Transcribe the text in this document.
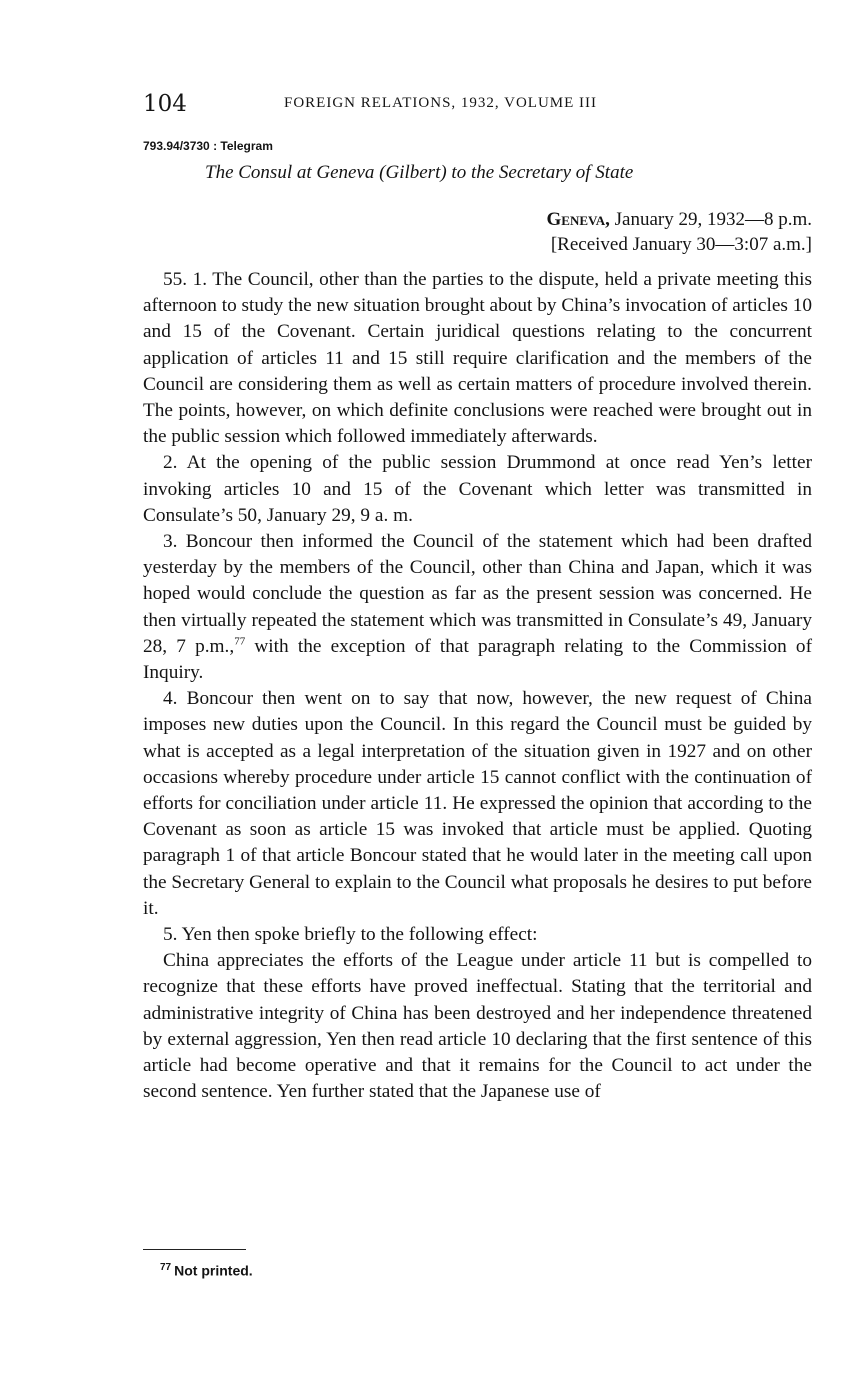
104	FOREIGN RELATIONS, 1932, VOLUME III
793.94/3730 : Telegram
The Consul at Geneva (Gilbert) to the Secretary of State
Geneva, January 29, 1932—8 p.m.
[Received January 30—3:07 a.m.]

55. 1. The Council, other than the parties to the dispute, held a private meeting this afternoon to study the new situation brought about by China’s invocation of articles 10 and 15 of the Covenant. Certain juridical questions relating to the concurrent application of articles 11 and 15 still require clarification and the members of the Council are considering them as well as certain matters of procedure involved therein. The points, however, on which definite conclusions were reached were brought out in the public session which followed immediately afterwards.

2. At the opening of the public session Drummond at once read Yen’s letter invoking articles 10 and 15 of the Covenant which letter was transmitted in Consulate’s 50, January 29, 9 a. m.

3. Boncour then informed the Council of the statement which had been drafted yesterday by the members of the Council, other than China and Japan, which it was hoped would conclude the question as far as the present session was concerned. He then virtually repeated the statement which was transmitted in Consulate’s 49, January 28, 7 p.m.,$^{77}$ with the exception of that paragraph relating to the Commission of Inquiry.

4. Boncour then went on to say that now, however, the new request of China imposes new duties upon the Council. In this regard the Council must be guided by what is accepted as a legal interpretation of the situation given in 1927 and on other occasions whereby procedure under article 15 cannot conflict with the continuation of efforts for conciliation under article 11. He expressed the opinion that according to the Covenant as soon as article 15 was invoked that article must be applied. Quoting paragraph 1 of that article Boncour stated that he would later in the meeting call upon the Secretary General to explain to the Council what proposals he desires to put before it.

5. Yen then spoke briefly to the following effect:

China appreciates the efforts of the League under article 11 but is compelled to recognize that these efforts have proved ineffectual. Stating that the territorial and administrative integrity of China has been destroyed and her independence threatened by external aggression, Yen then read article 10 declaring that the first sentence of this article had become operative and that it remains for the Council to act under the second sentence. Yen further stated that the Japanese use of

$^{77}$ Not printed.
